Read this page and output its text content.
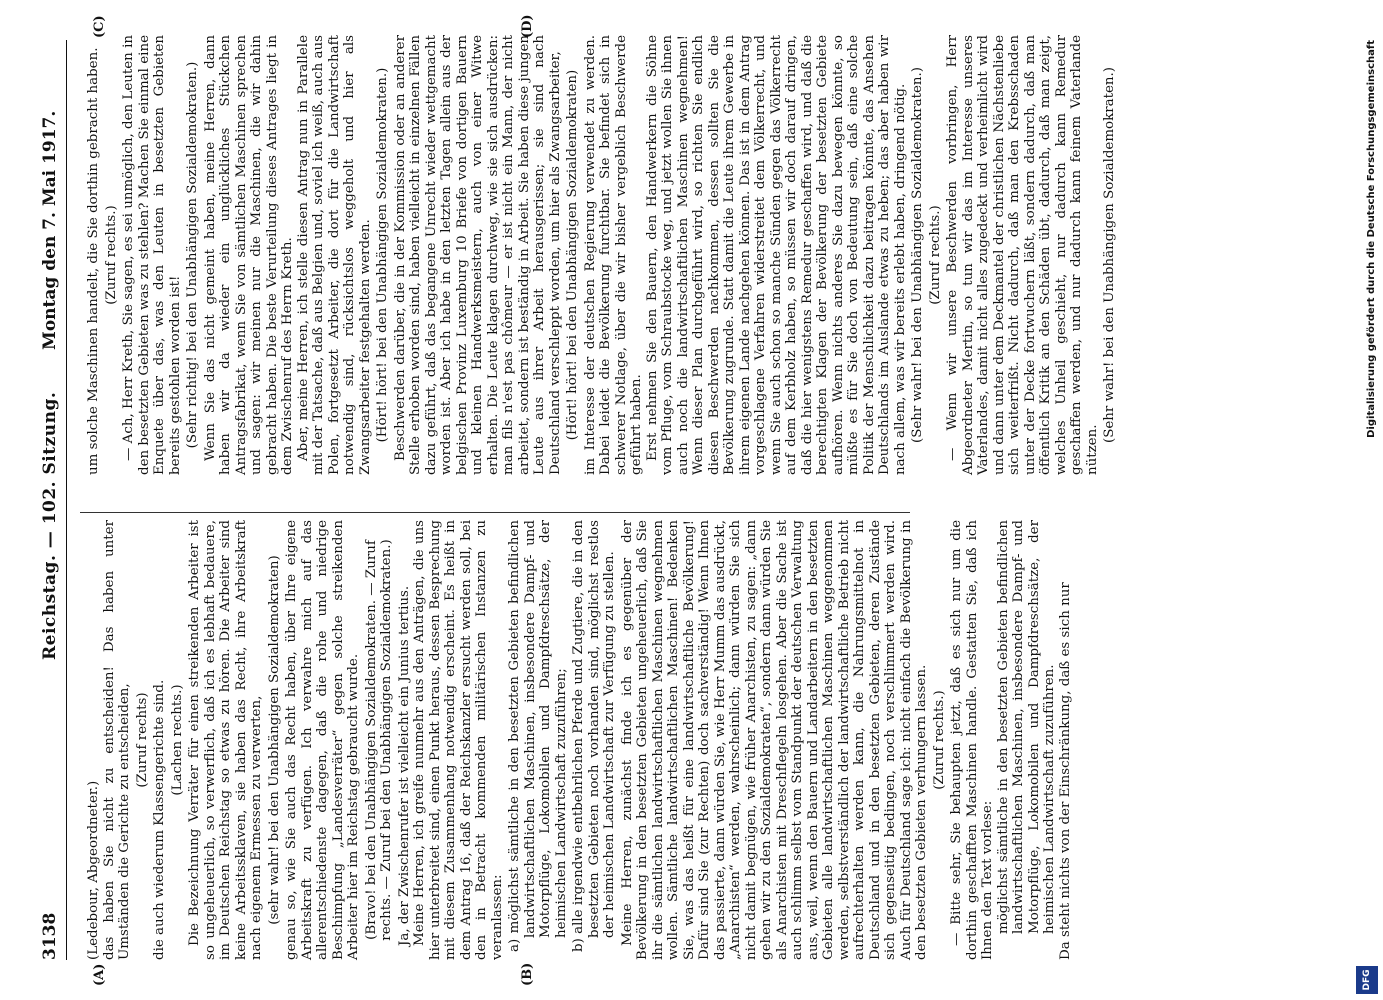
3138
Reichstag. — 102. Sitzung.
Montag den 7. Mai 1917.
(A)	(B)
(C)	(D)

(Ledebour, Abgeordneter.) das haben Sie nicht zu entscheiden! Das haben unter Umständen die Gerichte zu entscheiden, (Zuruf rechts) die auch wiederum Klassengerichte sind. (Lachen rechts.) Die Bezeichnung Verräter für einen streikenden Arbeiter ist so ungeheuerlich, so verwerflich, daß ich es lebhaft bedauere, im Deutschen Reichstag so etwas zu hören. Die Arbeiter sind keine Arbeitssklaven, sie haben das Recht, ihre Arbeitskraft nach eigenem Ermessen zu verwerten, (sehr wahr! bei den Unabhängigen Sozialdemokraten) genau so, wie Sie auch das Recht haben, über Ihre eigene Arbeitskraft zu verfügen. Ich verwahre mich auf das allerentschiedenste dagegen, daß die rohe und niedrige Beschimpfung „Landesverräter“ gegen solche streikenden Arbeiter hier im Reichstag gebraucht wurde. (Bravo! bei den Unabhängigen Sozialdemokraten. — Zuruf rechts. — Zuruf bei den Unabhängigen Sozialdemokraten.) Ja, der Zwischenrufer ist vielleicht ein Junius tertius. Meine Herren, ich greife nunmehr aus den Anträgen, die uns hier unterbreitet sind, einen Punkt heraus, dessen Besprechung mit diesem Zusammenhang notwendig erscheint. Es heißt in dem Antrag 16, daß der Reichskanzler ersucht werden soll, bei den in Betracht kommenden militärischen Instanzen zu veranlassen: a) möglichst sämtliche in den besetzten Gebieten befindlichen landwirtschaftlichen Maschinen, insbesondere Dampf- und Motorpflüge, Lokomobilen und Dampfdreschsätze, der heimischen Landwirtschaft zuzuführen; b) alle irgendwie entbehrlichen Pferde und Zugtiere, die in den besetzten Gebieten noch vorhanden sind, möglichst restlos der heimischen Landwirtschaft zur Verfügung zu stellen. Meine Herren, zunächst finde ich es gegenüber der Bevölkerung in den besetzten Gebieten ungeheuerlich, daß Sie ihr die sämtlichen landwirtschaftlichen Maschinen wegnehmen wollen. Sämtliche landwirtschaftlichen Maschinen! Bedenken Sie, was das heißt für eine landwirtschaftliche Bevölkerung! Dafür sind Sie (zur Rechten) doch sachverständig! Wenn Ihnen das passierte, dann würden Sie, wie Herr Mumm das ausdrückt, „Anarchisten“ werden, wahrscheinlich; dann würden Sie sich nicht damit begnügen, wie früher Anarchisten, zu sagen: „dann gehen wir zu den Sozialdemokraten“, sondern dann würden Sie als Anarchisten mit Dreschflegeln losgehen. Aber die Sache ist auch schlimm selbst vom Standpunkt der deutschen Verwaltung aus, weil, wenn den Bauern und Landarbeitern in den besetzten Gebieten alle landwirtschaftlichen Maschinen weggenommen werden, selbstverständlich der landwirtschaftliche Betrieb nicht aufrechterhalten werden kann, die Nahrungsmittelnot in Deutschland und in den besetzten Gebieten, deren Zustände sich gegenseitig bedingen, noch verschlimmert werden wird. Auch für Deutschland sage ich: nicht einfach die Bevölkerung in den besetzten Gebieten verhungern lassen. (Zuruf rechts.) — Bitte sehr, Sie behaupten jetzt, daß es sich nur um die dorthin geschafften Maschinen handle. Gestatten Sie, daß ich Ihnen den Text vorlese: möglichst sämtliche in den besetzten Gebieten befindlichen landwirtschaftlichen Maschinen, insbesondere Dampf- und Motorpflüge, Lokomobilen und Dampfdreschsätze, der heimischen Landwirtschaft zuzuführen. Da steht nichts von der Einschränkung, daß es sich nur

um solche Maschinen handelt, die Sie dorthin gebracht haben. (Zuruf rechts.) — Ach, Herr Kreth, Sie sagen, es sei unmöglich, den Leuten in den besetzten Gebieten was zu stehlen? Machen Sie einmal eine Enquete über das, was den Leuten in besetzten Gebieten bereits gestohlen worden ist! (Sehr richtig! bei den Unabhängigen Sozialdemokraten.) Wenn Sie das nicht gemeint haben, meine Herren, dann haben wir da wieder ein unglückliches Stückchen Antragsfabrikat, wenn Sie von sämtlichen Maschinen sprechen und sagen: wir meinen nur die Maschinen, die wir dahin gebracht haben. Die beste Verurteilung dieses Antrages liegt in dem Zwischenruf des Herrn Kreth. Aber, meine Herren, ich stelle diesen Antrag nun in Parallele mit der Tatsache, daß aus Belgien und, soviel ich weiß, auch aus Polen, fortgesetzt Arbeiter, die dort für die Landwirtschaft notwendig sind, rücksichtslos weggeholt und hier als Zwangsarbeiter festgehalten werden. (Hört! hört! bei den Unabhängigen Sozialdemokraten.) Beschwerden darüber, die in der Kommission oder an anderer Stelle erhoben worden sind, haben vielleicht in einzelnen Fällen dazu geführt, daß das begangene Unrecht wieder wettgemacht worden ist. Aber ich habe in den letzten Tagen allein aus der belgischen Provinz Luxemburg 10 Briefe von dortigen Bauern und kleinen Handwerksmeistern, auch von einer Witwe erhalten. Die Leute klagen durchweg, wie sie sich ausdrücken: man fils n'est pas chômeur — er ist nicht ein Mann, der nicht arbeitet, sondern ist beständig in Arbeit. Sie haben diese jungen Leute aus ihrer Arbeit herausgerissen; sie sind nach Deutschland verschleppt worden, um hier als Zwangsarbeiter, (Hört! hört! bei den Unabhängigen Sozialdemokraten) im Interesse der deutschen Regierung verwendet zu werden. Dabei leidet die Bevölkerung furchtbar. Sie befindet sich in schwerer Notlage, über die wir bisher vergeblich Beschwerde geführt haben. Erst nehmen Sie den Bauern, den Handwerkern die Söhne vom Pfluge, vom Schraubstocke weg, und jetzt wollen Sie ihnen auch noch die landwirtschaftlichen Maschinen wegnehmen! Wenn dieser Plan durchgeführt wird, so richten Sie endlich diesen Beschwerden nachkommen, dessen sollten Sie die Bevölkerung zugrunde. Statt damit die Leute ihrem Gewerbe in ihrem eigenen Lande nachgehen können. Das ist in dem Antrag vorgeschlagene Verfahren widerstreitet dem Völkerrecht, und wenn Sie auch schon so manche Sünden gegen das Völkerrecht auf dem Kerbholz haben, so müssen wir doch darauf dringen, daß die hier wenigstens Remedur geschaffen wird, und daß die berechtigten Klagen der Bevölkerung der besetzten Gebiete aufhören. Wenn nichts anderes Sie dazu bewegen könnte, so müßte es für Sie doch von Bedeutung sein, daß eine solche Politik der Menschlichkeit dazu beitragen könnte, das Ansehen Deutschlands im Auslande etwas zu heben; das aber haben wir nach allem, was wir bereits erlebt haben, dringend nötig. (Sehr wahr! bei den Unabhängigen Sozialdemokraten.) (Zuruf rechts.) — Wenn wir unsere Beschwerden vorbringen, Herr Abgeordneter Mertin, so tun wir das im Interesse unseres Vaterlandes, damit nicht alles zugedeckt und verheimlicht wird und dann unter dem Deckmantel der christlichen Nächstenliebe sich weiterfrißt. Nicht dadurch, daß man den Krebsschaden unter der Decke fortwuchern läßt, sondern dadurch, daß man öffentlich Kritik an den Schäden übt, dadurch, daß man zeigt, welches Unheil geschieht, nur dadurch kann Remedur geschaffen werden, und nur dadurch kann feinem Vaterlande nützen.

(Sehr wahr! bei den Unabhängigen Sozialdemokraten.)

DFG
Digitalisierung gefördert durch die Deutsche Forschungsgemeinschaft
